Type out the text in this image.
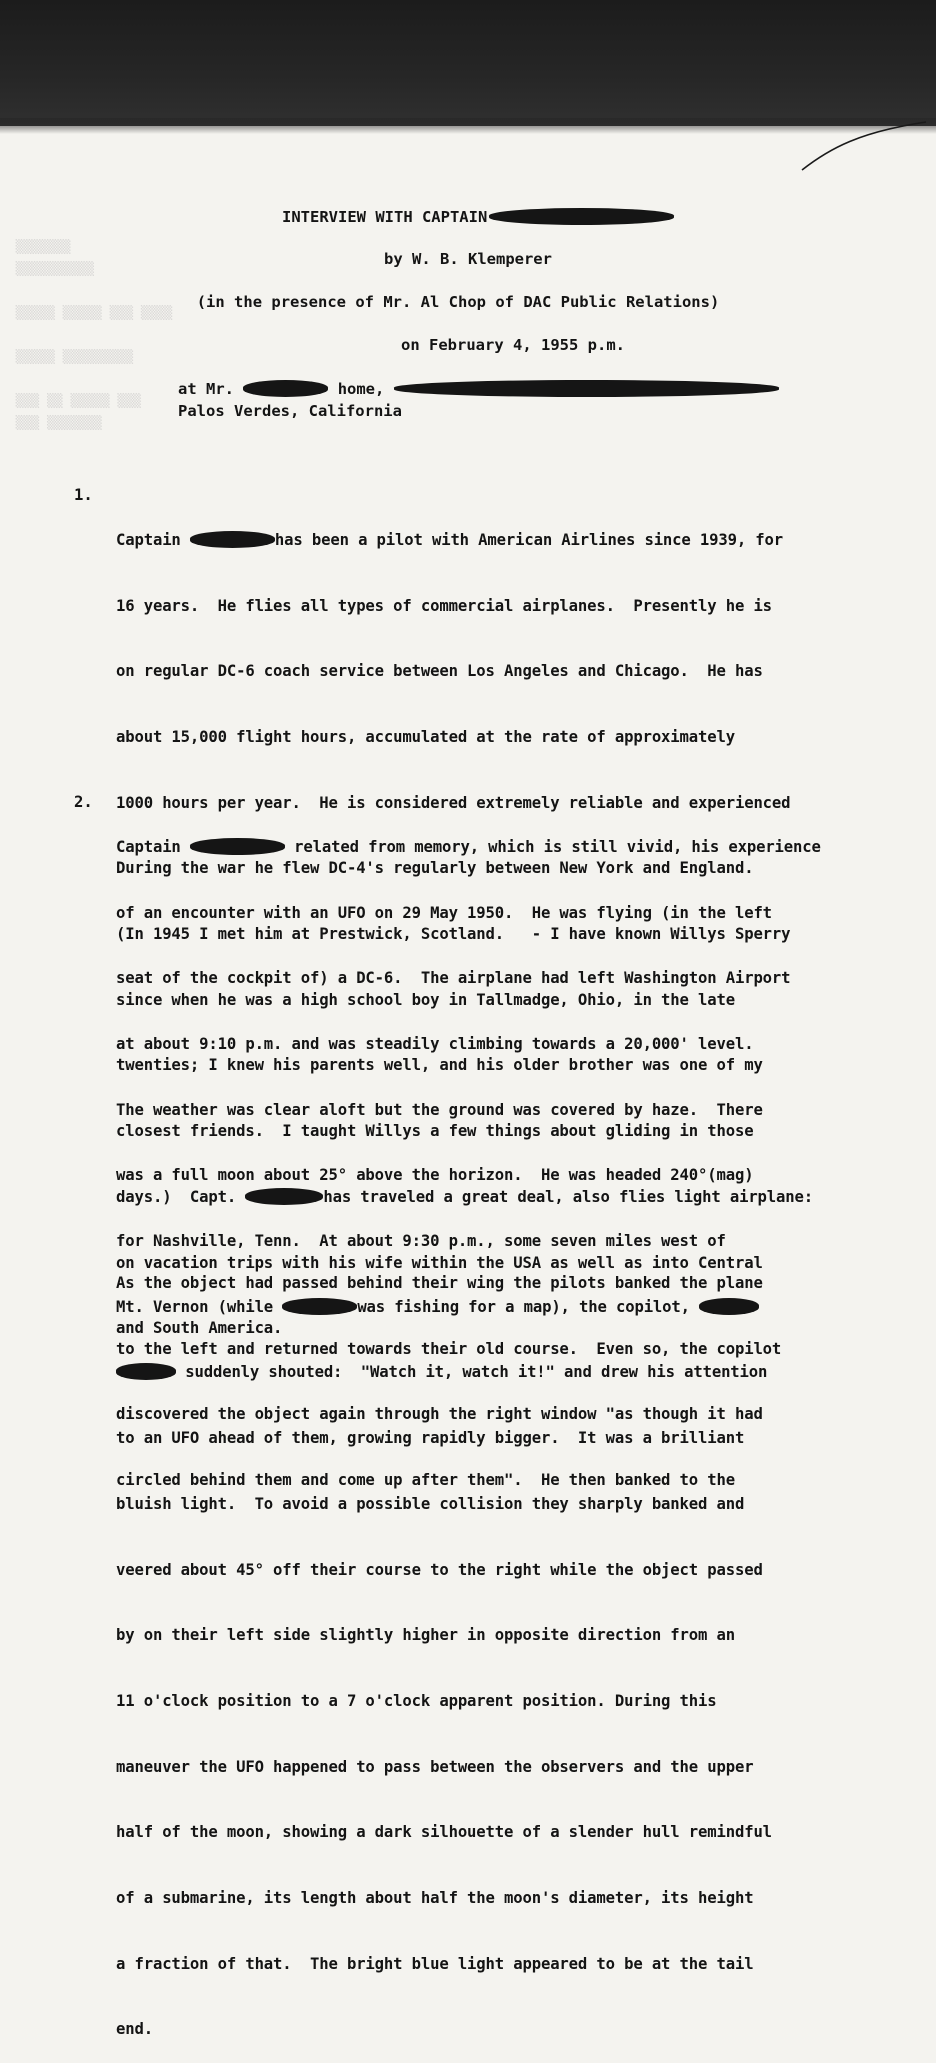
▒▒▒▒▒▒▒
▒▒▒▒▒▒▒▒▒▒

▒▒▒▒▒ ▒▒▒▒▒ ▒▒▒ ▒▒▒▒

▒▒▒▒▒ ▒▒▒▒▒▒▒▒▒

▒▒▒ ▒▒ ▒▒▒▒▒ ▒▒▒
▒▒▒ ▒▒▒▒▒▒▒

INTERVIEW WITH CAPTAIN
by W. B. Klemperer
(in the presence of Mr. Al Chop of DAC Public Relations)
on February 4, 1955 p.m.
at Mr.	home,
Palos Verdes, California
1.

Captain	has been a pilot with American Airlines since 1939, for

16 years.  He flies all types of commercial airplanes.  Presently he is

on regular DC-6 coach service between Los Angeles and Chicago.  He has

about 15,000 flight hours, accumulated at the rate of approximately

1000 hours per year.  He is considered extremely reliable and experienced

During the war he flew DC-4's regularly between New York and England.

(In 1945 I met him at Prestwick, Scotland.   - I have known Willys Sperry

since when he was a high school boy in Tallmadge, Ohio, in the late

twenties; I knew his parents well, and his older brother was one of my

closest friends.  I taught Willys a few things about gliding in those

days.)  Capt.	has traveled a great deal, also flies light airplane:

on vacation trips with his wife within the USA as well as into Central

and South America.

2.

Captain	related from memory, which is still vivid, his experience

of an encounter with an UFO on 29 May 1950.  He was flying (in the left

seat of the cockpit of) a DC-6.  The airplane had left Washington Airport

at about 9:10 p.m. and was steadily climbing towards a 20,000' level.

The weather was clear aloft but the ground was covered by haze.  There

was a full moon about 25° above the horizon.  He was headed 240°(mag)

for Nashville, Tenn.  At about 9:30 p.m., some seven miles west of

Mt. Vernon (while	was fishing for a map), the copilot,

suddenly shouted:  "Watch it, watch it!" and drew his attention

to an UFO ahead of them, growing rapidly bigger.  It was a brilliant

bluish light.  To avoid a possible collision they sharply banked and

veered about 45° off their course to the right while the object passed

by on their left side slightly higher in opposite direction from an

11 o'clock position to a 7 o'clock apparent position. During this

maneuver the UFO happened to pass between the observers and the upper

half of the moon, showing a dark silhouette of a slender hull remindful

of a submarine, its length about half the moon's diameter, its height

a fraction of that.  The bright blue light appeared to be at the tail

end.

As the object had passed behind their wing the pilots banked the plane

to the left and returned towards their old course.  Even so, the copilot

discovered the object again through the right window "as though it had

circled behind them and come up after them".  He then banked to the
